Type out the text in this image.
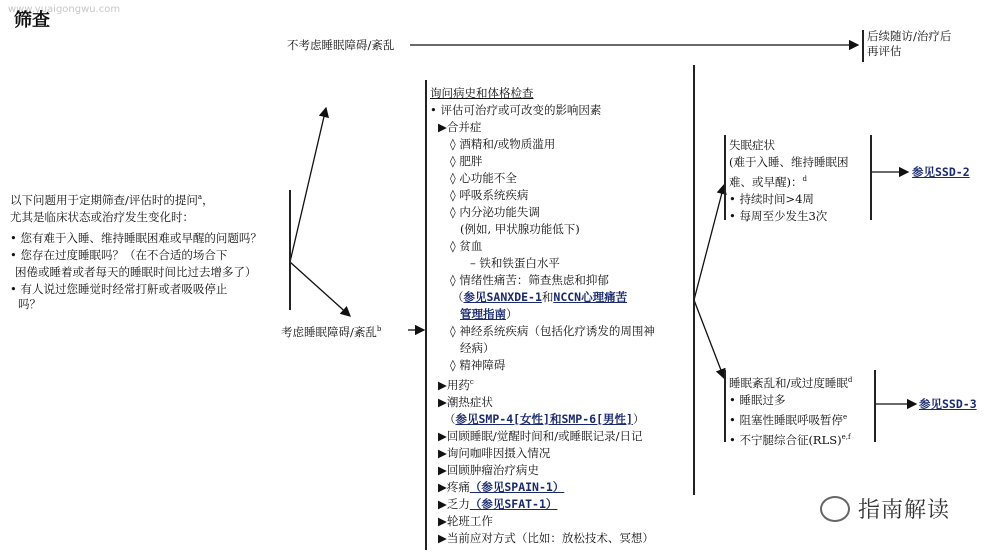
www.yuaigongwu.com
筛查
不考虑睡眠障碍/紊乱
后续随访/治疗后
再评估
以下问题用于定期筛查/评估时的提问$^a$，
尤其是临床状态或治疗发生变化时：
• 您有难于入睡、维持睡眠困难或早醒的问题吗？
• 您存在过度睡眠吗？（在不合适的场合下
困倦或睡着或者每天的睡眠时间比过去增多了）
• 有人说过您睡觉时经常打鼾或者吸吸停止
吗？
考虑睡眠障碍/紊乱$^b$
询问病史和体格检查
• 评估可治疗或可改变的影响因素
▶合并症
◊ 酒精和/或物质滥用
◊ 肥胖
◊ 心功能不全
◊ 呼吸系统疾病
◊ 内分泌功能失调
(例如, 甲状腺功能低下)
◊ 贫血
– 铁和铁蛋白水平
◊ 情绪性痛苦：筛查焦虑和抑郁
（参见SANXDE-1和NCCN心理痛苦
管理指南）
◊ 神经系统疾病（包括化疗诱发的周围神
经病）
◊ 精神障碍
▶用药$^c$
▶潮热症状
（参见SMP-4[女性]和SMP-6[男性]）
▶回顾睡眠/觉醒时间和/或睡眠记录/日记
▶询问咖啡因摄入情况
▶回顾肿瘤治疗病史
▶疼痛（参见SPAIN-1）
▶乏力（参见SFAT-1）
▶轮班工作
▶当前应对方式（比如：放松技术、冥想）
失眠症状
(难于入睡、维持睡眠困
难、或早醒)：$^d$
• 持续时间>4周
• 每周至少发生3次
参见SSD-2
睡眠紊乱和/或过度睡眠$^d$
• 睡眠过多
• 阻塞性睡眠呼吸暂停$^e$
• 不宁腿综合征(RLS)$^{e,f}$
参见SSD-3
指南解读
